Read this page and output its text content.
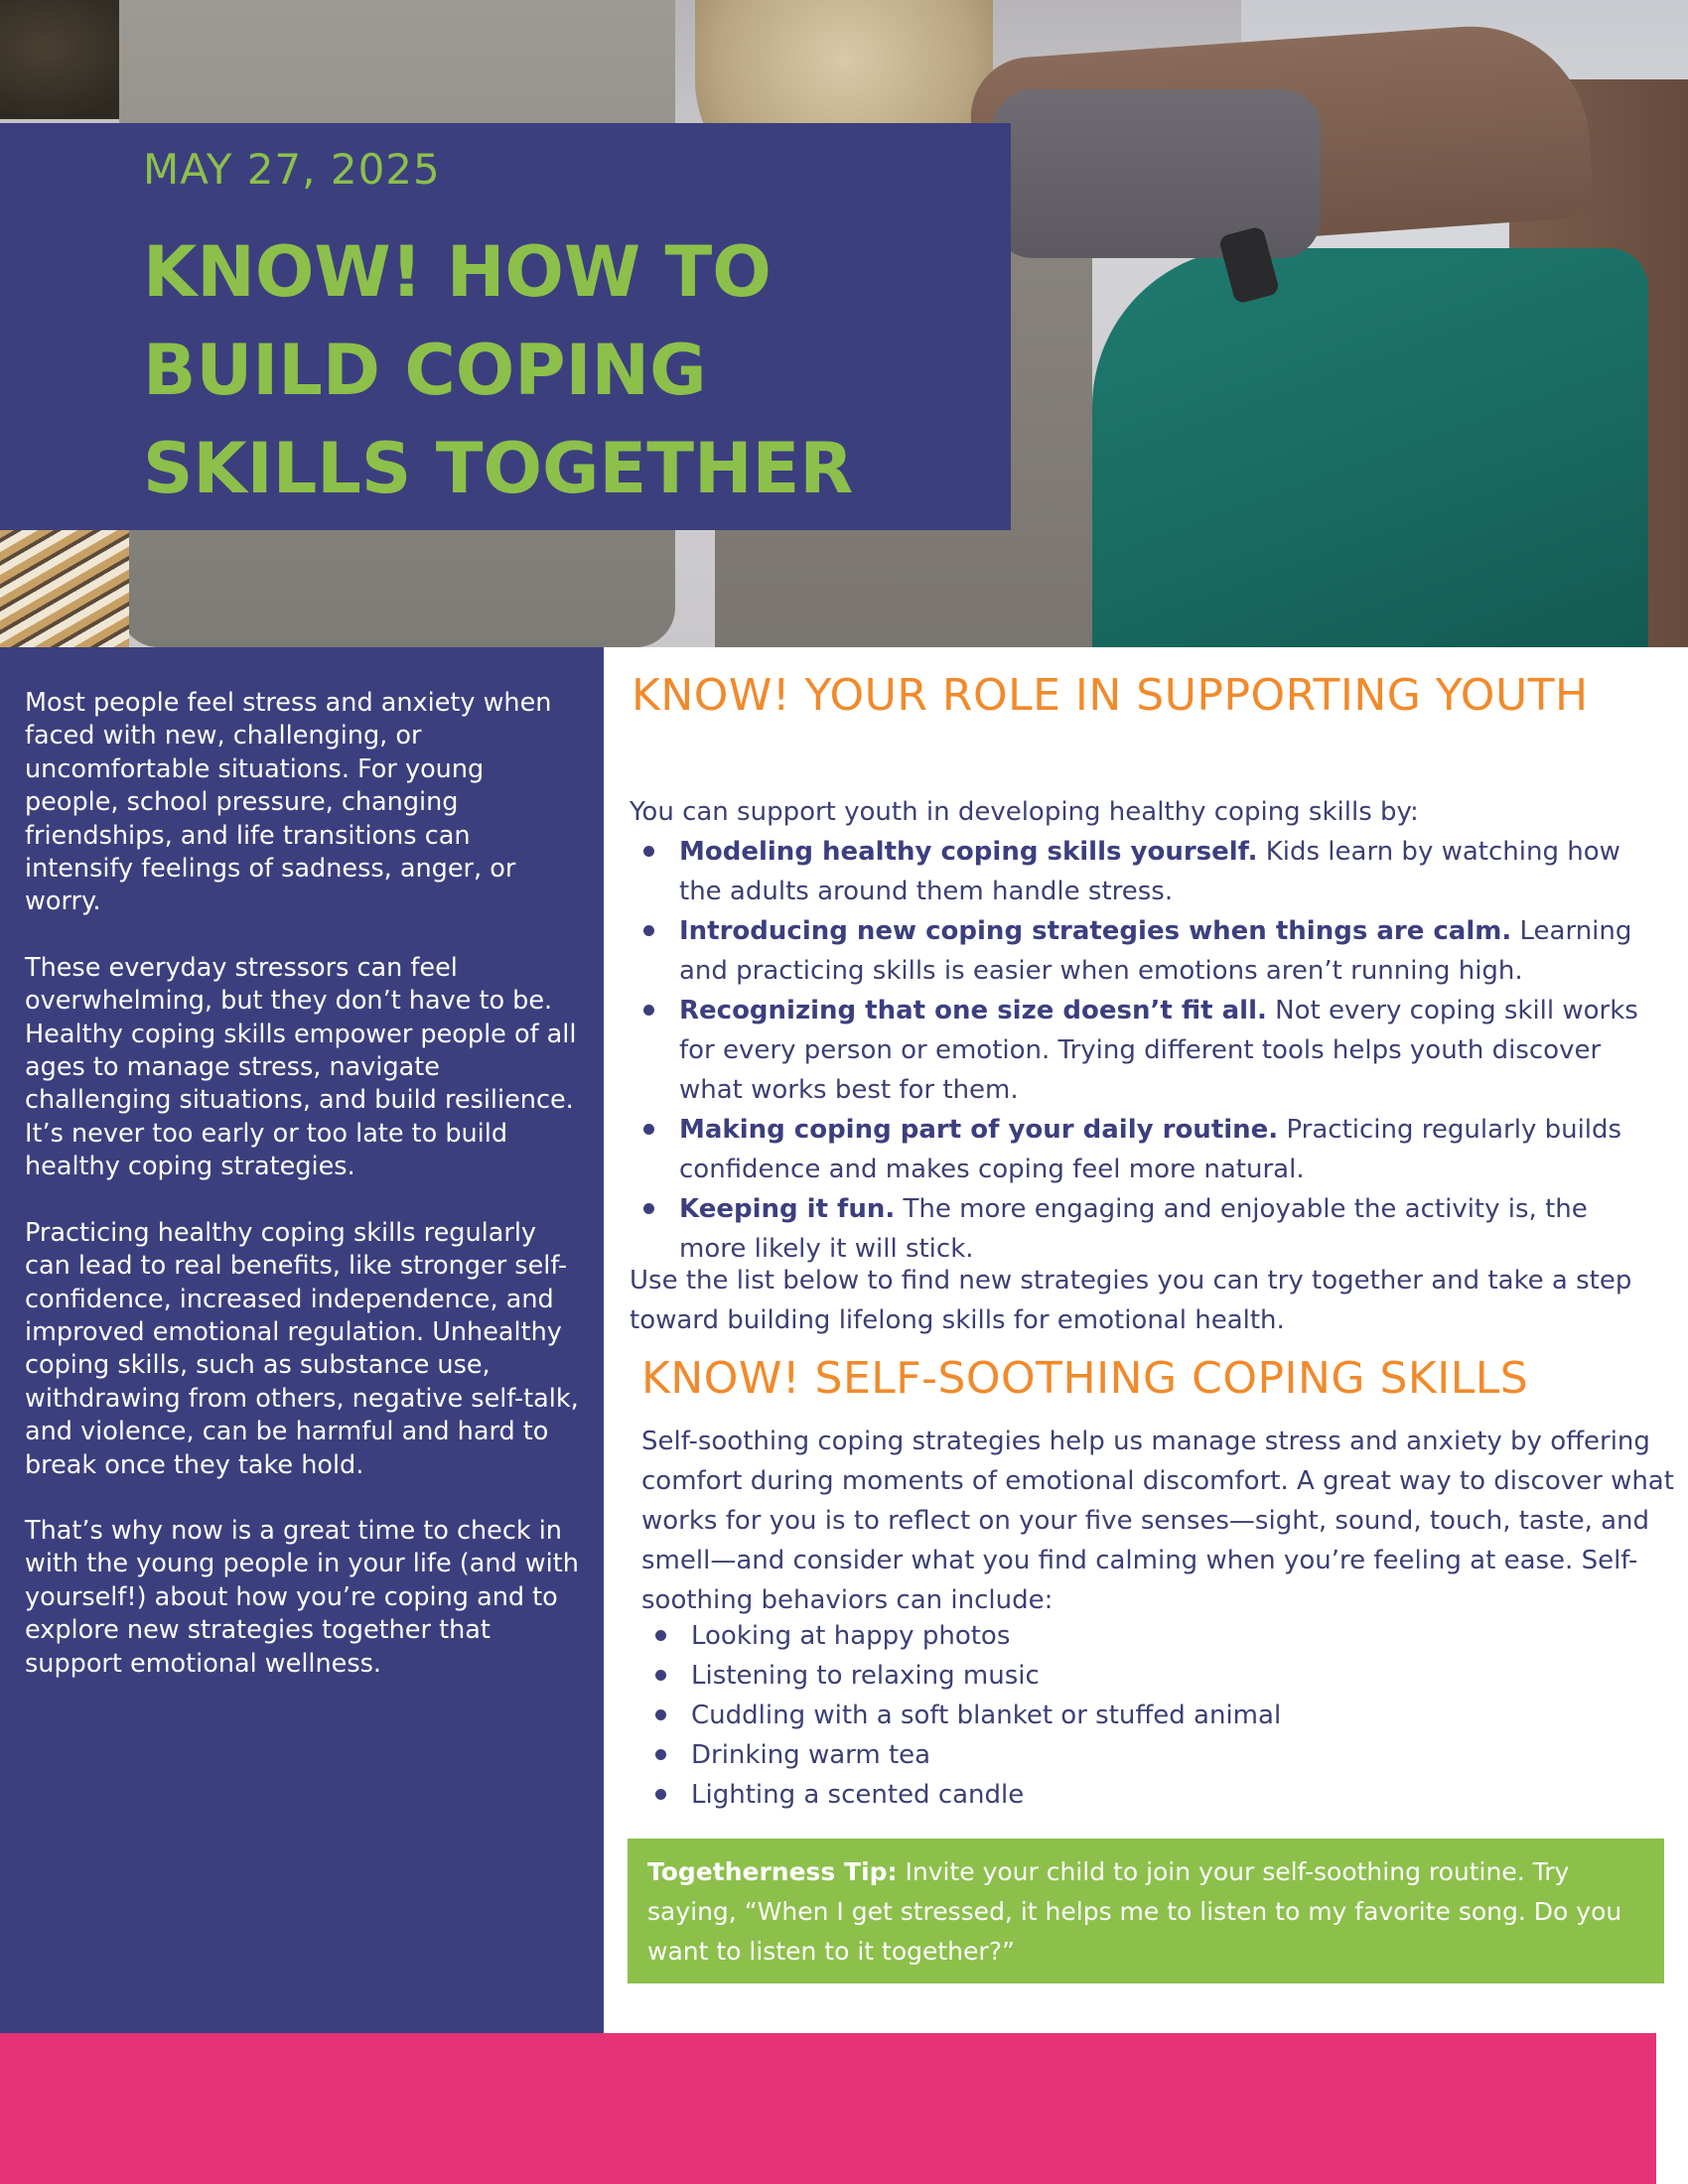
MAY 27, 2025
KNOW! HOW TO
BUILD COPING
SKILLS TOGETHER

Most people feel stress and anxiety when faced with new, challenging, or uncomfortable situations. For young people, school pressure, changing friendships, and life transitions can intensify feelings of sadness, anger, or worry.

These everyday stressors can feel overwhelming, but they don’t have to be. Healthy coping skills empower people of all ages to manage stress, navigate challenging situations, and build resilience. It’s never too early or too late to build healthy coping strategies.

Practicing healthy coping skills regularly can lead to real benefits, like stronger self-confidence, increased independence, and improved emotional regulation. Unhealthy coping skills, such as substance use, withdrawing from others, negative self-talk, and violence, can be harmful and hard to break once they take hold.

That’s why now is a great time to check in with the young people in your life (and with yourself!) about how you’re coping and to explore new strategies together that support emotional wellness.

KNOW! YOUR ROLE IN SUPPORTING YOUTH
You can support youth in developing healthy coping skills by:
Modeling healthy coping skills yourself. Kids learn by watching how the adults around them handle stress.
Introducing new coping strategies when things are calm. Learning and practicing skills is easier when emotions aren’t running high.
Recognizing that one size doesn’t fit all. Not every coping skill works for every person or emotion. Trying different tools helps youth discover what works best for them.
Making coping part of your daily routine. Practicing regularly builds confidence and makes coping feel more natural.
Keeping it fun. The more engaging and enjoyable the activity is, the more likely it will stick.
Use the list below to find new strategies you can try together and take a step toward building lifelong skills for emotional health.
KNOW! SELF-SOOTHING COPING SKILLS
Self-soothing coping strategies help us manage stress and anxiety by offering comfort during moments of emotional discomfort. A great way to discover what works for you is to reflect on your five senses—sight, sound, touch, taste, and smell—and consider what you find calming when you’re feeling at ease. Self-soothing behaviors can include:
Looking at happy photos
Listening to relaxing music
Cuddling with a soft blanket or stuffed animal
Drinking warm tea
Lighting a scented candle
Togetherness Tip: Invite your child to join your self-soothing routine. Try saying, “When I get stressed, it helps me to listen to my favorite song. Do you want to listen to it together?”
